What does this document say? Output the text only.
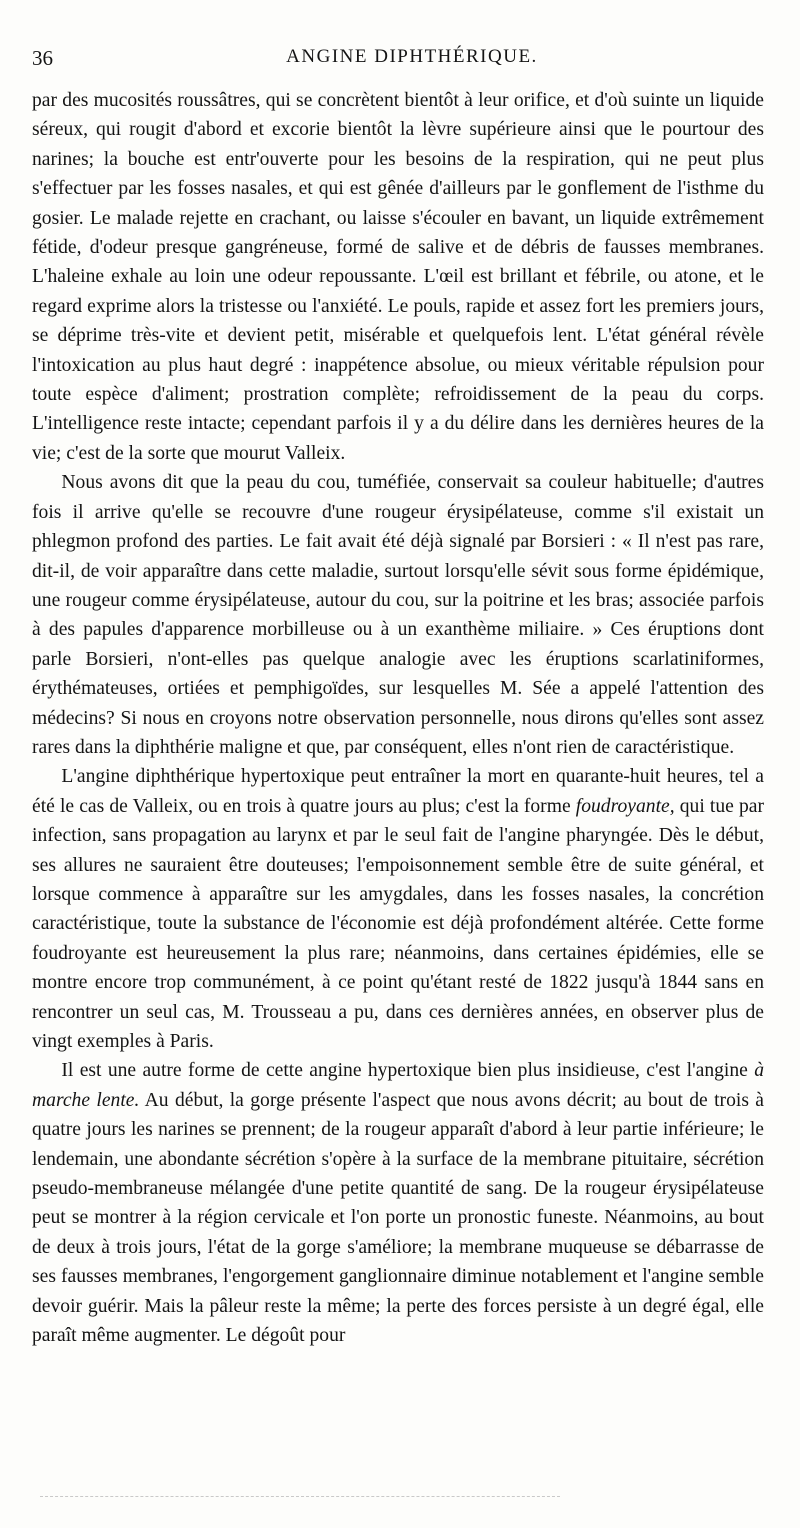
36	ANGINE DIPHTHÉRIQUE.

par des mucosités roussâtres, qui se concrètent bientôt à leur orifice, et d'où suinte un liquide séreux, qui rougit d'abord et excorie bientôt la lèvre supérieure ainsi que le pourtour des narines; la bouche est entr'ouverte pour les besoins de la respiration, qui ne peut plus s'effectuer par les fosses nasales, et qui est gênée d'ailleurs par le gonflement de l'isthme du gosier. Le malade rejette en crachant, ou laisse s'écouler en bavant, un liquide extrêmement fétide, d'odeur presque gangréneuse, formé de salive et de débris de fausses membranes. L'haleine exhale au loin une odeur repoussante. L'œil est brillant et fébrile, ou atone, et le regard exprime alors la tristesse ou l'anxiété. Le pouls, rapide et assez fort les premiers jours, se déprime très-vite et devient petit, misérable et quelquefois lent. L'état général révèle l'intoxication au plus haut degré : inappétence absolue, ou mieux véritable répulsion pour toute espèce d'aliment; prostration complète; refroidissement de la peau du corps. L'intelligence reste intacte; cependant parfois il y a du délire dans les dernières heures de la vie; c'est de la sorte que mourut Valleix.

Nous avons dit que la peau du cou, tuméfiée, conservait sa couleur habituelle; d'autres fois il arrive qu'elle se recouvre d'une rougeur érysipélateuse, comme s'il existait un phlegmon profond des parties. Le fait avait été déjà signalé par Borsieri : « Il n'est pas rare, dit-il, de voir apparaître dans cette maladie, surtout lorsqu'elle sévit sous forme épidémique, une rougeur comme érysipélateuse, autour du cou, sur la poitrine et les bras; associée parfois à des papules d'apparence morbilleuse ou à un exanthème miliaire. » Ces éruptions dont parle Borsieri, n'ont-elles pas quelque analogie avec les éruptions scarlatiniformes, érythémateuses, ortiées et pemphigoïdes, sur lesquelles M. Sée a appelé l'attention des médecins? Si nous en croyons notre observation personnelle, nous dirons qu'elles sont assez rares dans la diphthérie maligne et que, par conséquent, elles n'ont rien de caractéristique.

L'angine diphthérique hypertoxique peut entraîner la mort en quarante-huit heures, tel a été le cas de Valleix, ou en trois à quatre jours au plus; c'est la forme foudroyante, qui tue par infection, sans propagation au larynx et par le seul fait de l'angine pharyngée. Dès le début, ses allures ne sauraient être douteuses; l'empoisonnement semble être de suite général, et lorsque commence à apparaître sur les amygdales, dans les fosses nasales, la concrétion caractéristique, toute la substance de l'économie est déjà profondément altérée. Cette forme foudroyante est heureusement la plus rare; néanmoins, dans certaines épidémies, elle se montre encore trop communément, à ce point qu'étant resté de 1822 jusqu'à 1844 sans en rencontrer un seul cas, M. Trousseau a pu, dans ces dernières années, en observer plus de vingt exemples à Paris.

Il est une autre forme de cette angine hypertoxique bien plus insidieuse, c'est l'angine à marche lente. Au début, la gorge présente l'aspect que nous avons décrit; au bout de trois à quatre jours les narines se prennent; de la rougeur apparaît d'abord à leur partie inférieure; le lendemain, une abondante sécrétion s'opère à la surface de la membrane pituitaire, sécrétion pseudo-membraneuse mélangée d'une petite quantité de sang. De la rougeur érysipélateuse peut se montrer à la région cervicale et l'on porte un pronostic funeste. Néanmoins, au bout de deux à trois jours, l'état de la gorge s'améliore; la membrane muqueuse se débarrasse de ses fausses membranes, l'engorgement ganglionnaire diminue notablement et l'angine semble devoir guérir. Mais la pâleur reste la même; la perte des forces persiste à un degré égal, elle paraît même augmenter. Le dégoût pour
